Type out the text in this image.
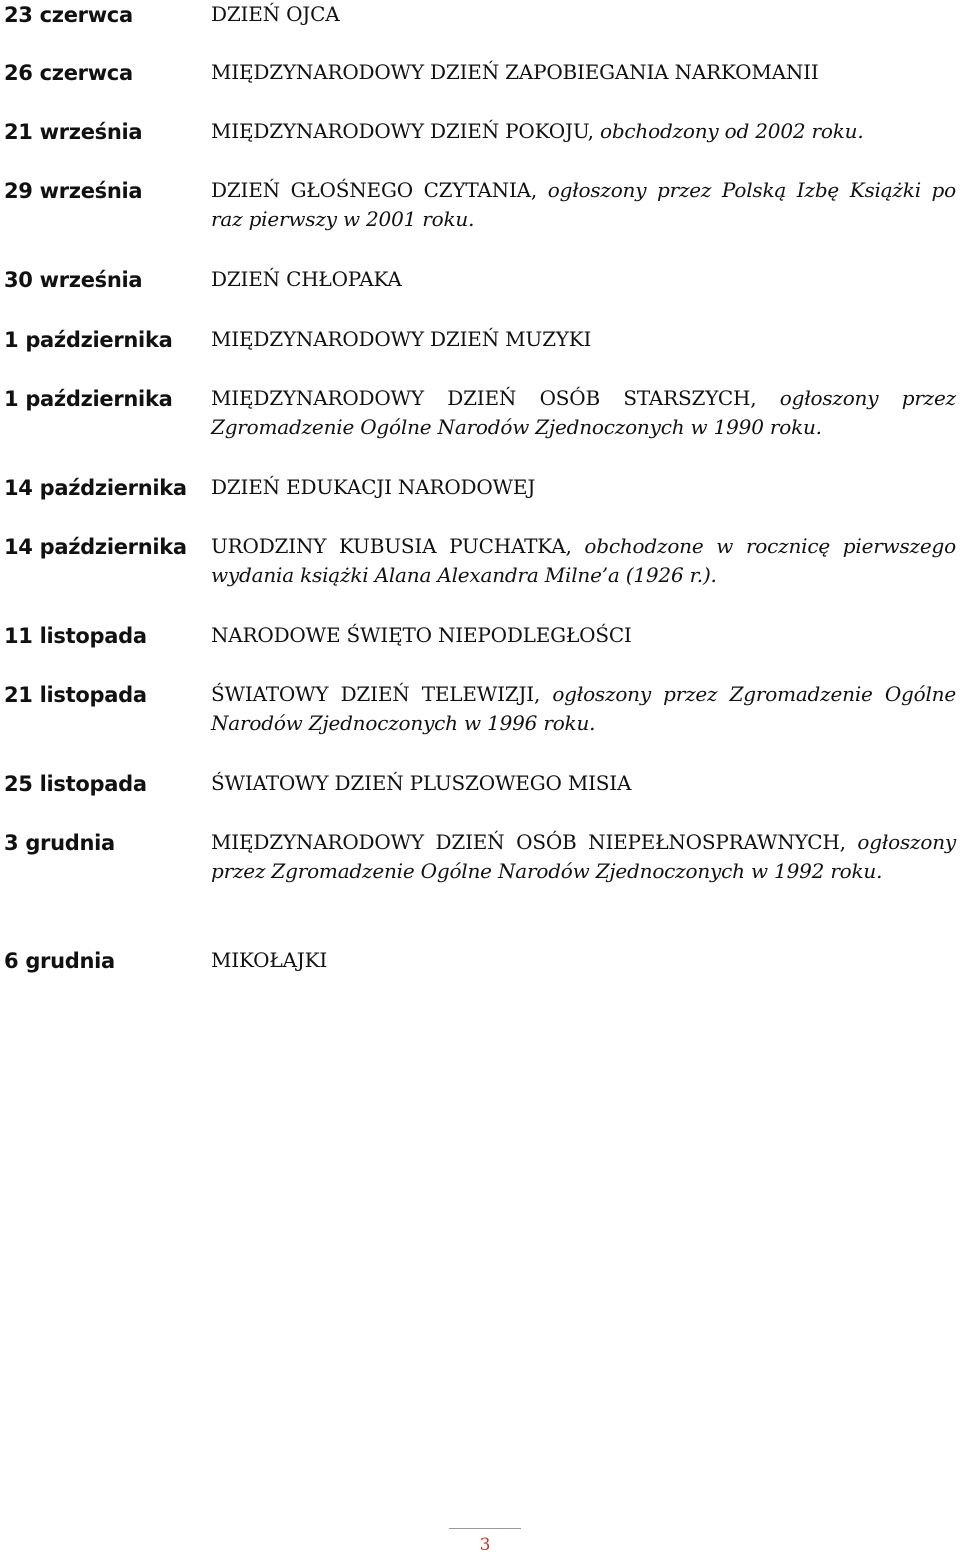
23 czerwca	DZIEŃ OJCA
26 czerwca	MIĘDZYNARODOWY DZIEŃ ZAPOBIEGANIA NARKOMANII
21 września	MIĘDZYNARODOWY DZIEŃ POKOJU, obchodzony od 2002 roku.
29 września	DZIEŃ GŁOŚNEGO CZYTANIA, ogłoszony przez Polską Izbę Książki po raz pierwszy w 2001 roku.
30 września	DZIEŃ CHŁOPAKA
1 października MIĘDZYNARODOWY DZIEŃ MUZYKI
1 października MIĘDZYNARODOWY DZIEŃ OSÓB STARSZYCH, ogłoszony przez Zgromadzenie Ogólne Narodów Zjednoczonych w 1990 roku.
14 października DZIEŃ EDUKACJI NARODOWEJ
14 października URODZINY KUBUSIA PUCHATKA, obchodzone w rocznicę pierwszego wydania książki Alana Alexandra Milne’a (1926 r.).
11 listopada	NARODOWE ŚWIĘTO NIEPODLEGŁOŚCI
21 listopada	ŚWIATOWY DZIEŃ TELEWIZJI, ogłoszony przez Zgromadzenie Ogólne Narodów Zjednoczonych w 1996 roku.
25 listopada	ŚWIATOWY DZIEŃ PLUSZOWEGO MISIA
3 grudnia	MIĘDZYNARODOWY DZIEŃ OSÓB NIEPEŁNOSPRAWNYCH, ogłoszony przez Zgromadzenie Ogólne Narodów Zjednoczonych w 1992 roku.
6 grudnia	MIKOŁAJKI
3
